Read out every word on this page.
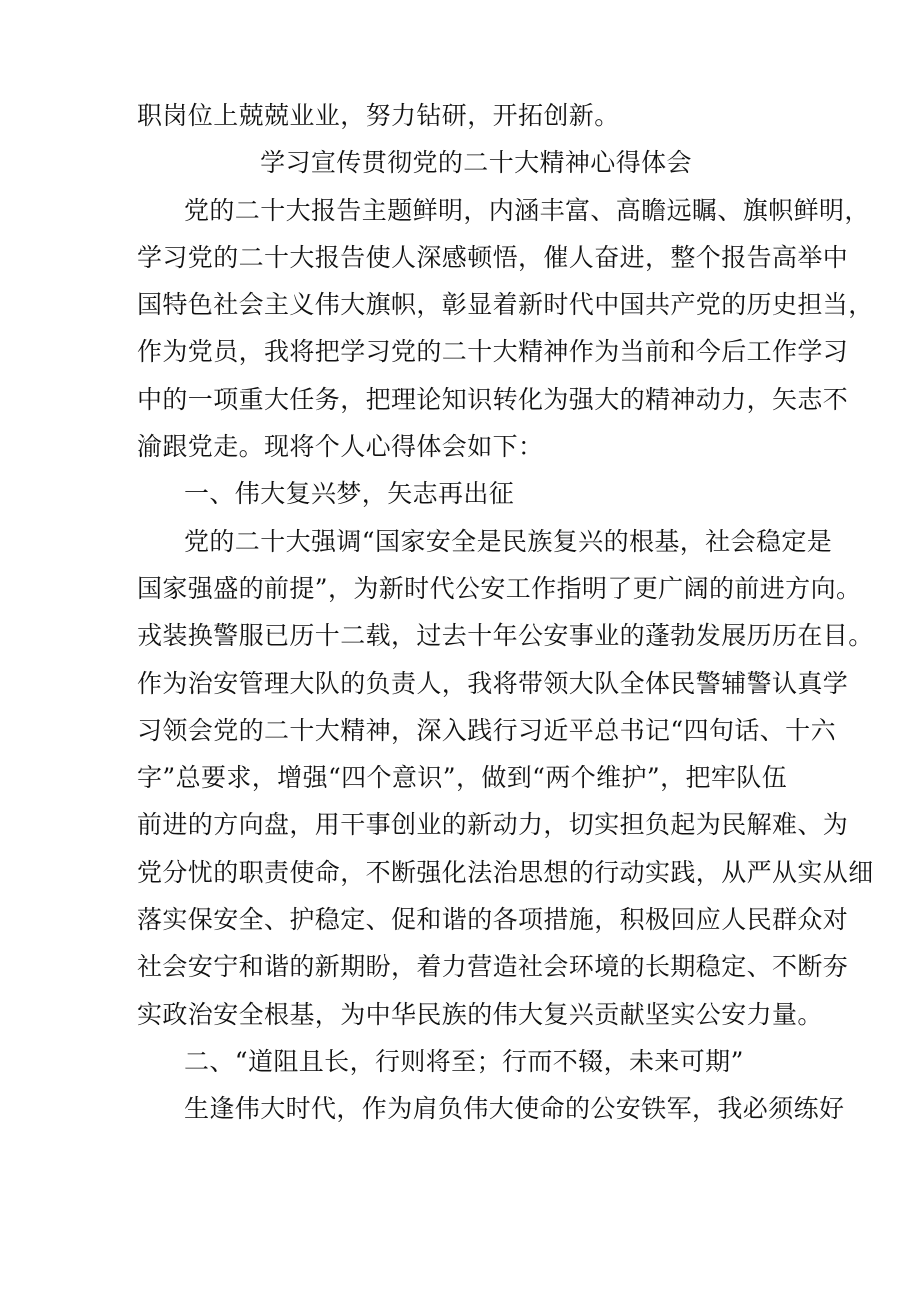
职岗位上兢兢业业，努力钻研，开拓创新。

学习宣传贯彻党的二十大精神心得体会

党的二十大报告主题鲜明，内涵丰富、高瞻远瞩、旗帜鲜明，

学习党的二十大报告使人深感顿悟，催人奋进，整个报告高举中

国特色社会主义伟大旗帜，彰显着新时代中国共产党的历史担当，

作为党员，我将把学习党的二十大精神作为当前和今后工作学习

中的一项重大任务，把理论知识转化为强大的精神动力，矢志不

渝跟党走。现将个人心得体会如下：

一、伟大复兴梦，矢志再出征

党的二十大强调“国家安全是民族复兴的根基，社会稳定是

国家强盛的前提”，为新时代公安工作指明了更广阔的前进方向。

戎装换警服已历十二载，过去十年公安事业的蓬勃发展历历在目。

作为治安管理大队的负责人，我将带领大队全体民警辅警认真学

习领会党的二十大精神，深入践行习近平总书记“四句话、十六

字”总要求，增强“四个意识”，做到“两个维护”，把牢队伍

前进的方向盘，用干事创业的新动力，切实担负起为民解难、为

党分忧的职责使命，不断强化法治思想的行动实践，从严从实从细

落实保安全、护稳定、促和谐的各项措施，积极回应人民群众对

社会安宁和谐的新期盼，着力营造社会环境的长期稳定、不断夯

实政治安全根基，为中华民族的伟大复兴贡献坚实公安力量。

二、“道阻且长，行则将至；行而不辍，未来可期”

生逢伟大时代，作为肩负伟大使命的公安铁军，我必须练好
